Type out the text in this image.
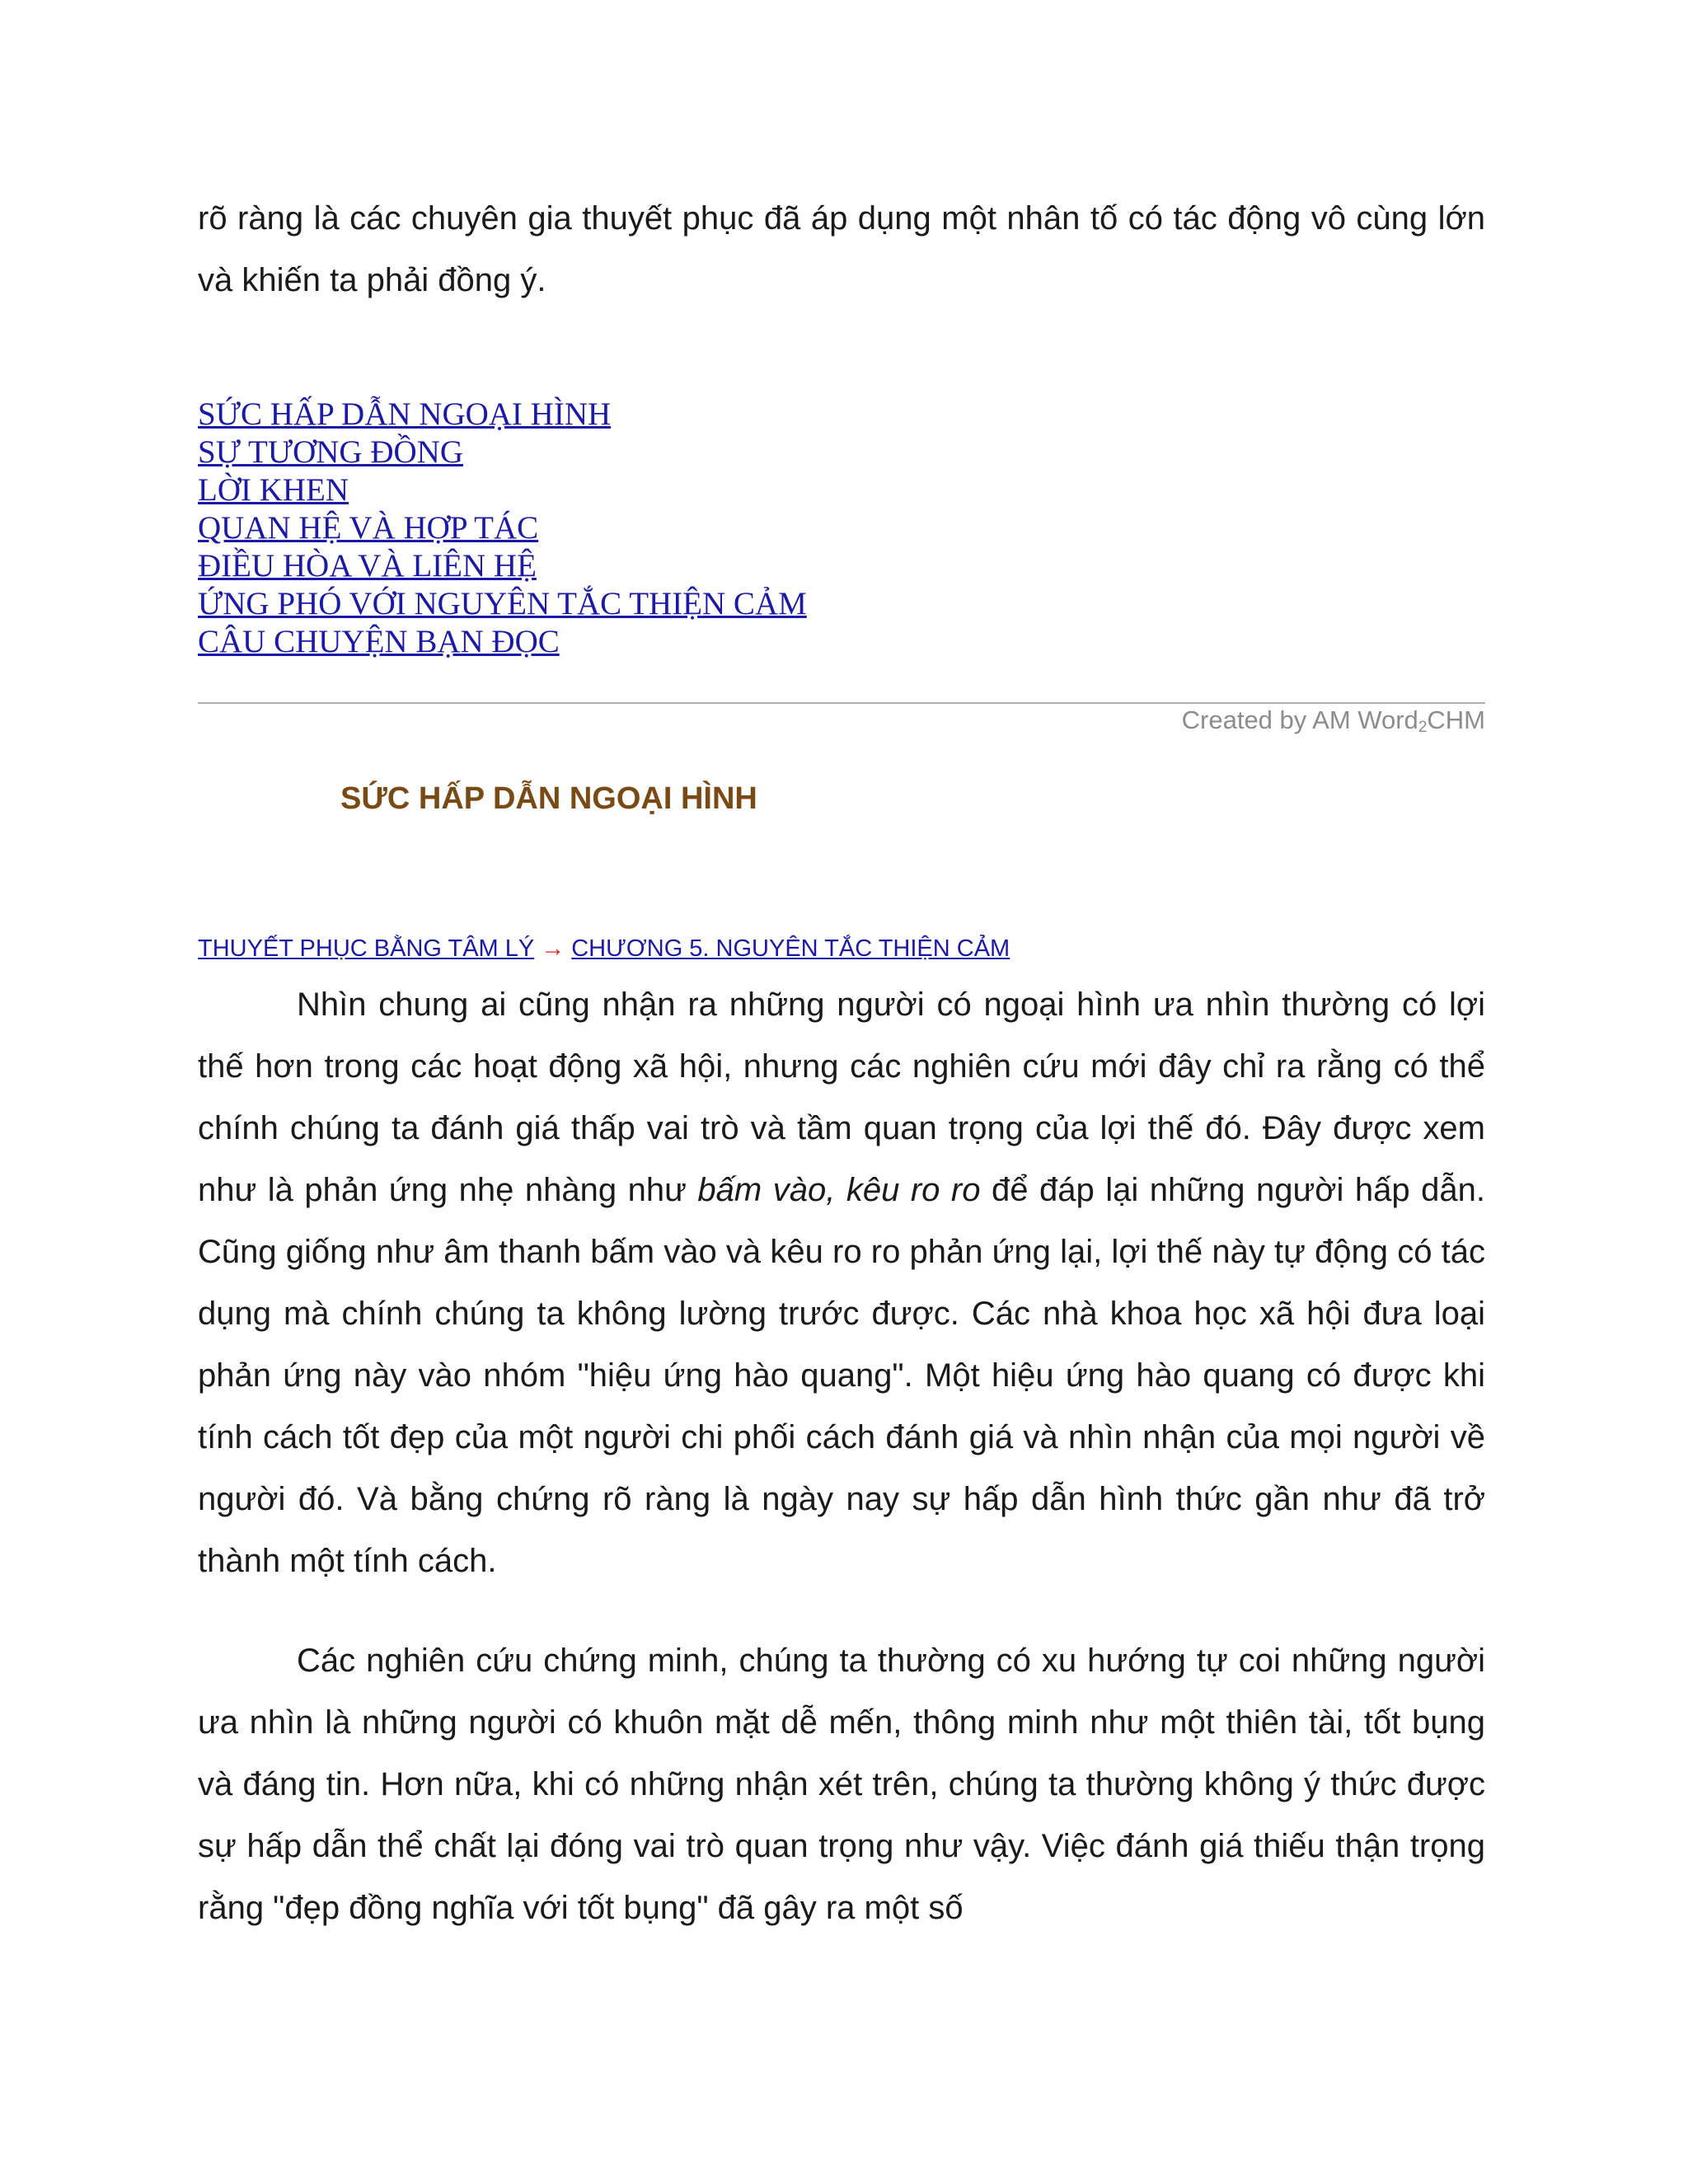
rõ ràng là các chuyên gia thuyết phục đã áp dụng một nhân tố có tác động vô cùng lớn và khiến ta phải đồng ý.

SỨC HẤP DẪN NGOẠI HÌNH
SỰ TƯƠNG ĐỒNG
LỜI KHEN
QUAN HỆ VÀ HỢP TÁC
ĐIỀU HÒA VÀ LIÊN HỆ
ỨNG PHÓ VỚI NGUYÊN TẮC THIỆN CẢM
CÂU CHUYỆN BẠN ĐỌC
Created by AM Word$_2$CHM
SỨC HẤP DẪN NGOẠI HÌNH
THUYẾT PHỤC BẰNG TÂM LÝ → CHƯƠNG 5. NGUYÊN TẮC THIỆN CẢM

Nhìn chung ai cũng nhận ra những người có ngoại hình ưa nhìn thường có lợi thế hơn trong các hoạt động xã hội, nhưng các nghiên cứu mới đây chỉ ra rằng có thể chính chúng ta đánh giá thấp vai trò và tầm quan trọng của lợi thế đó. Đây được xem như là phản ứng nhẹ nhàng như bấm vào, kêu ro ro để đáp lại những người hấp dẫn. Cũng giống như âm thanh bấm vào và kêu ro ro phản ứng lại, lợi thế này tự động có tác dụng mà chính chúng ta không lường trước được. Các nhà khoa học xã hội đưa loại phản ứng này vào nhóm "hiệu ứng hào quang". Một hiệu ứng hào quang có được khi tính cách tốt đẹp của một người chi phối cách đánh giá và nhìn nhận của mọi người về người đó. Và bằng chứng rõ ràng là ngày nay sự hấp dẫn hình thức gần như đã trở thành một tính cách.

Các nghiên cứu chứng minh, chúng ta thường có xu hướng tự coi những người ưa nhìn là những người có khuôn mặt dễ mến, thông minh như một thiên tài, tốt bụng và đáng tin. Hơn nữa, khi có những nhận xét trên, chúng ta thường không ý thức được sự hấp dẫn thể chất lại đóng vai trò quan trọng như vậy. Việc đánh giá thiếu thận trọng rằng "đẹp đồng nghĩa với tốt bụng" đã gây ra một số
